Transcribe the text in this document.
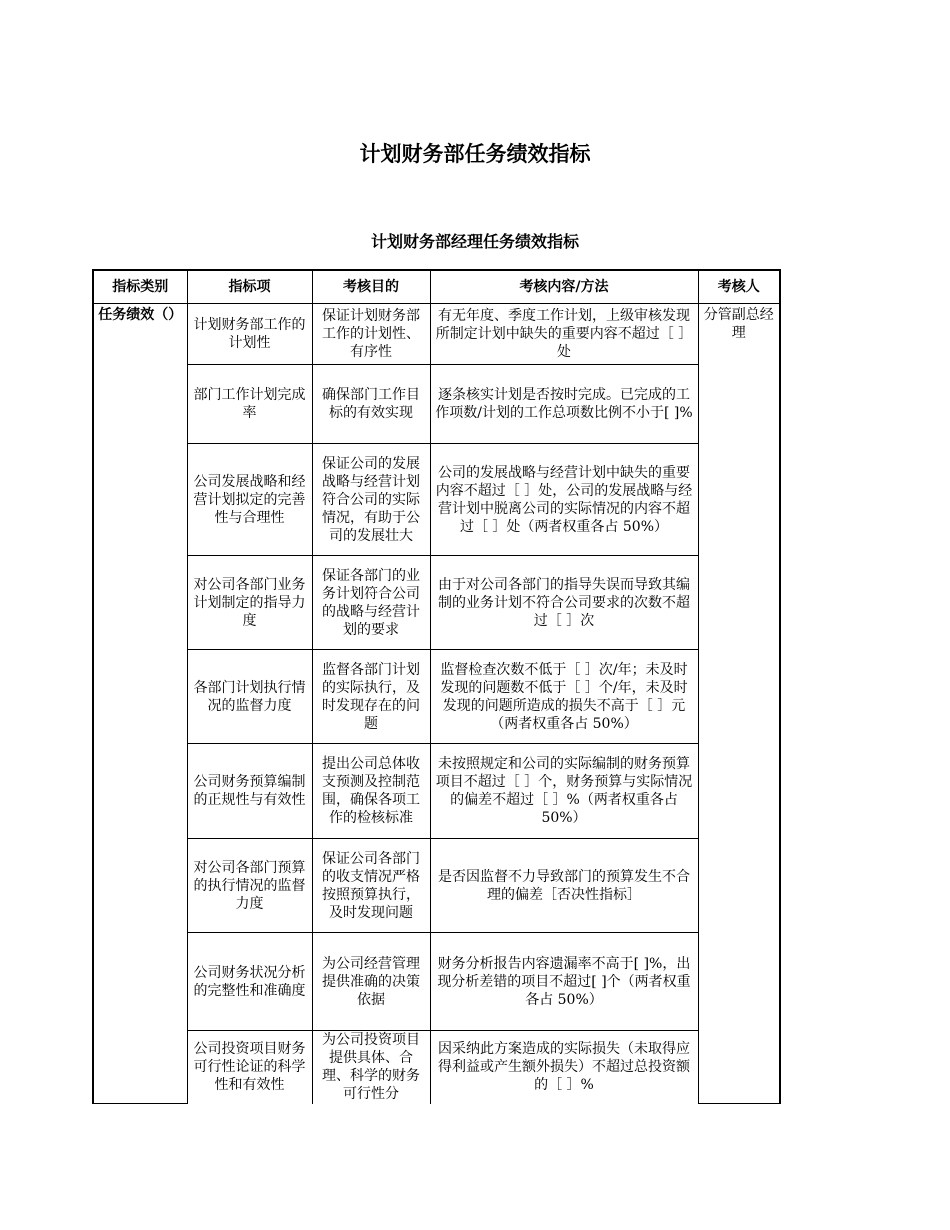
计划财务部任务绩效指标
计划财务部经理任务绩效指标
指标类别	指标项	考核目的	考核内容/方法	考核人
任务绩效（）	计划财务部工作的计划性	保证计划财务部工作的计划性、有序性	有无年度、季度工作计划，上级审核发现所制定计划中缺失的重要内容不超过［ ］处	分管副总经理
	部门工作计划完成率	确保部门工作目标的有效实现	逐条核实计划是否按时完成。已完成的工作项数/计划的工作总项数比例不小于[ ]%	
	公司发展战略和经营计划拟定的完善性与合理性	保证公司的发展战略与经营计划符合公司的实际情况，有助于公司的发展壮大	公司的发展战略与经营计划中缺失的重要内容不超过［ ］处，公司的发展战略与经营计划中脱离公司的实际情况的内容不超过［ ］处（两者权重各占 50%）	
	对公司各部门业务计划制定的指导力度	保证各部门的业务计划符合公司的战略与经营计划的要求	由于对公司各部门的指导失误而导致其编制的业务计划不符合公司要求的次数不超过［ ］次	
	各部门计划执行情况的监督力度	监督各部门计划的实际执行，及时发现存在的问题	监督检查次数不低于［ ］次/年；未及时发现的问题数不低于［ ］个/年，未及时发现的问题所造成的损失不高于［ ］元（两者权重各占 50%）	
	公司财务预算编制的正规性与有效性	提出公司总体收支预测及控制范围，确保各项工作的检核标准	未按照规定和公司的实际编制的财务预算项目不超过［ ］个，财务预算与实际情况的偏差不超过［ ］%（两者权重各占 50%）	
	对公司各部门预算的执行情况的监督力度	保证公司各部门的收支情况严格按照预算执行，及时发现问题	是否因监督不力导致部门的预算发生不合理的偏差［否决性指标］	
	公司财务状况分析的完整性和准确度	为公司经营管理提供准确的决策依据	财务分析报告内容遗漏率不高于[ ]%，出现分析差错的项目不超过[ ]个（两者权重各占 50%）	
	公司投资项目财务可行性论证的科学性和有效性	为公司投资项目提供具体、合理、科学的财务可行性分	因采纳此方案造成的实际损失（未取得应得利益或产生额外损失）不超过总投资额的［ ］%	
